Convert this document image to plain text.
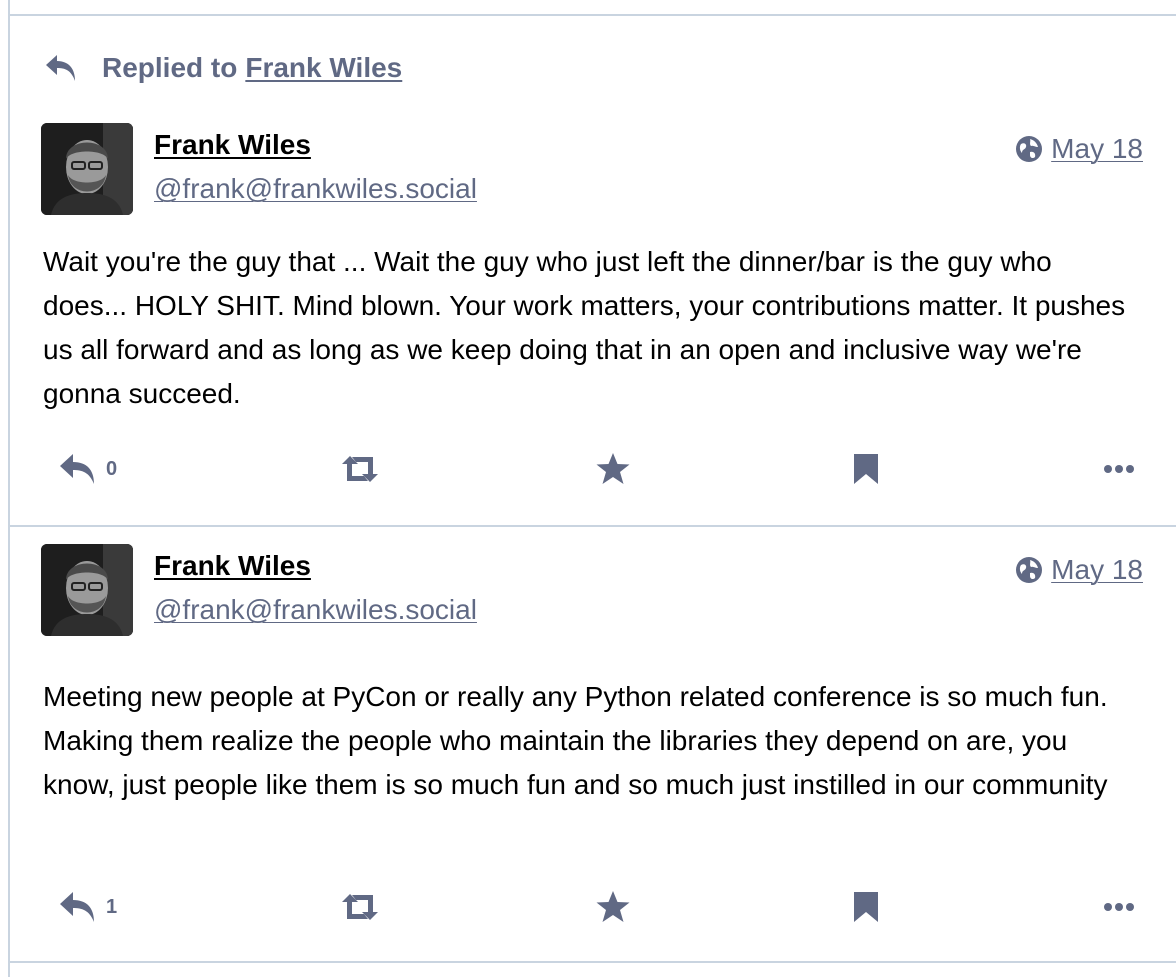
Replied to Frank Wiles
Frank Wiles
@frank@frankwiles.social
May 18
Wait you're the guy that ... Wait the guy who just left the dinner/bar is the guy who does... HOLY SHIT. Mind blown. Your work matters, your contributions matter. It pushes us all forward and as long as we keep doing that in an open and inclusive way we're gonna succeed.
0
Frank Wiles
@frank@frankwiles.social
May 18
Meeting new people at PyCon or really any Python related conference is so much fun. Making them realize the people who maintain the libraries they depend on are, you know, just people like them is so much fun and so much just instilled in our community
1
